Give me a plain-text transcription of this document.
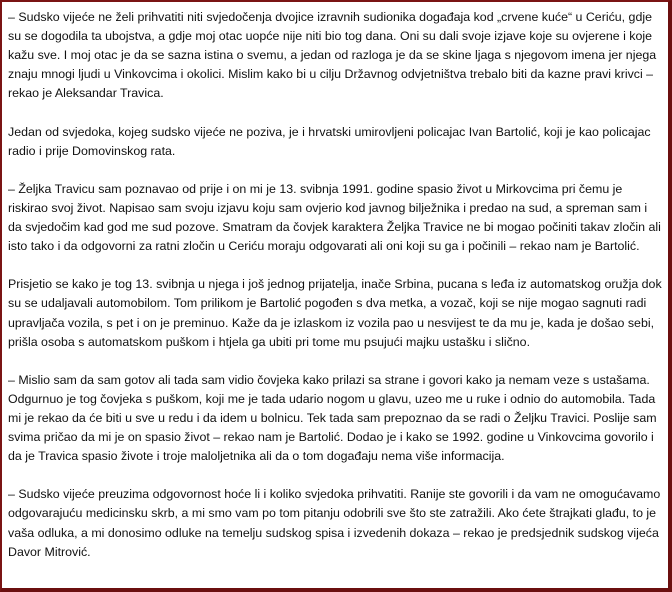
– Sudsko vijeće ne želi prihvatiti niti svjedočenja dvojice izravnih sudionika događaja kod „crvene kuće“ u Ceriću, gdje su se dogodila ta ubojstva, a gdje moj otac uopće nije niti bio tog dana. Oni su dali svoje izjave koje su ovjerene i koje kažu sve. I moj otac je da se sazna istina o svemu, a jedan od razloga je da se skine ljaga s njegovom imena jer njega znaju mnogi ljudi u Vinkovcima i okolici. Mislim kako bi u cilju Državnog odvjetništva trebalo biti da kazne pravi krivci – rekao je Aleksandar Travica.

Jedan od svjedoka, kojeg sudsko vijeće ne poziva, je i hrvatski umirovljeni policajac Ivan Bartolić, koji je kao policajac radio i prije Domovinskog rata.

– Željka Travicu sam poznavao od prije i on mi je 13. svibnja 1991. godine spasio život u Mirkovcima pri čemu je riskirao svoj život. Napisao sam svoju izjavu koju sam ovjerio kod javnog bilježnika i predao na sud, a spreman sam i da svjedočim kad god me sud pozove. Smatram da čovjek karaktera Željka Travice ne bi mogao počiniti takav zločin ali isto tako i da odgovorni za ratni zločin u Ceriću moraju odgovarati ali oni koji su ga i počinili – rekao nam je Bartolić.

Prisjetio se kako je tog 13. svibnja u njega i još jednog prijatelja, inače Srbina, pucana s leđa iz automatskog oružja dok su se udaljavali automobilom. Tom prilikom je Bartolić pogođen s dva metka, a vozač, koji se nije mogao sagnuti radi upravljača vozila, s pet i on je preminuo. Kaže da je izlaskom iz vozila pao u nesvijest te da mu je, kada je došao sebi, prišla osoba s automatskom puškom i htjela ga ubiti pri tome mu psujući majku ustašku i slično.

– Mislio sam da sam gotov ali tada sam vidio čovjeka kako prilazi sa strane i govori kako ja nemam veze s ustašama. Odgurnuo je tog čovjeka s puškom, koji me je tada udario nogom u glavu, uzeo me u ruke i odnio do automobila. Tada mi je rekao da će biti u sve u redu i da idem u bolnicu. Tek tada sam prepoznao da se radi o Željku Travici. Poslije sam svima pričao da mi je on spasio život – rekao nam je Bartolić. Dodao je i kako se 1992. godine u Vinkovcima govorilo i da je Travica spasio živote i troje maloljetnika ali da o tom događaju nema više informacija.

– Sudsko vijeće preuzima odgovornost hoće li i koliko svjedoka prihvatiti. Ranije ste govorili i da vam ne omogućavamo odgovarajuću medicinsku skrb, a mi smo vam po tom pitanju odobrili sve što ste zatražili. Ako ćete štrajkati glađu, to je vaša odluka, a mi donosimo odluke na temelju sudskog spisa i izvedenih dokaza – rekao je predsjednik sudskog vijeća Davor Mitrović.
